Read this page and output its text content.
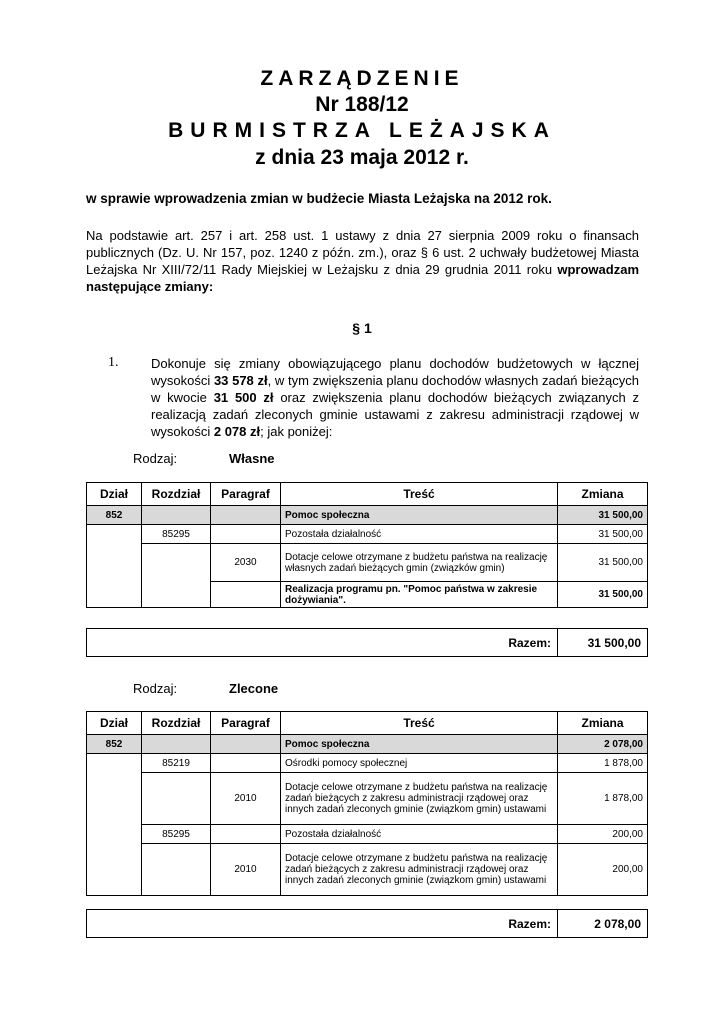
ZARZĄDZENIE
Nr 188/12
BURMISTRZA LEŻAJSKA
z dnia 23 maja 2012 r.
w sprawie wprowadzenia zmian w budżecie Miasta Leżajska na 2012 rok.
Na podstawie art. 257 i art. 258 ust. 1 ustawy z dnia 27 sierpnia 2009 roku o finansach publicznych (Dz. U. Nr 157, poz. 1240 z późn. zm.), oraz § 6 ust. 2 uchwały budżetowej Miasta Leżajska Nr XIII/72/11 Rady Miejskiej w Leżajsku z dnia 29 grudnia 2011 roku wprowadzam następujące zmiany:
§ 1
1.	Dokonuje się zmiany obowiązującego planu dochodów budżetowych w łącznej wysokości 33 578 zł, w tym zwiększenia planu dochodów własnych zadań bieżących w kwocie 31 500 zł oraz zwiększenia planu dochodów bieżących związanych z realizacją zadań zleconych gminie ustawami z zakresu administracji rządowej w wysokości 2 078 zł; jak poniżej:
Rodzaj:	Własne
Dział	Rozdział	Paragraf	Treść	Zmiana
852			Pomoc społeczna	31 500,00
	85295		Pozostała działalność	31 500,00
		2030	Dotacje celowe otrzymane z budżetu państwa na realizację własnych zadań bieżących gmin (związków gmin)	31 500,00
			Realizacja programu pn. "Pomoc państwa w zakresie dożywiania".	31 500,00
Razem:	31 500,00
Rodzaj:	Zlecone
Dział	Rozdział	Paragraf	Treść	Zmiana
852			Pomoc społeczna	2 078,00
	85219		Ośrodki pomocy społecznej	1 878,00
		2010	Dotacje celowe otrzymane z budżetu państwa na realizację zadań bieżących z zakresu administracji rządowej oraz innych zadań zleconych gminie (związkom gmin) ustawami	1 878,00
	85295		Pozostała działalność	200,00
		2010	Dotacje celowe otrzymane z budżetu państwa na realizację zadań bieżących z zakresu administracji rządowej oraz innych zadań zleconych gminie (związkom gmin) ustawami	200,00
Razem:	2 078,00
